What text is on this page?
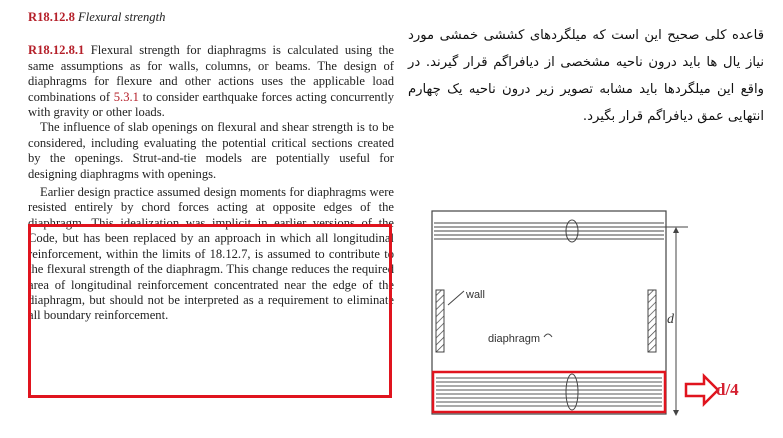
R18.12.8 Flexural strength

R18.12.8.1 Flexural strength for diaphragms is calculated using the same assumptions as for walls, columns, or beams. The design of diaphragms for flexure and other actions uses the applicable load combinations of 5.3.1 to consider earthquake forces acting concurrently with gravity or other loads.

The influence of slab openings on flexural and shear strength is to be considered, including evaluating the potential critical sections created by the openings. Strut-and-tie models are potentially useful for designing diaphragms with openings.

Earlier design practice assumed design moments for diaphragms were resisted entirely by chord forces acting at opposite edges of the diaphragm. This idealization was implicit in earlier versions of the Code, but has been replaced by an approach in which all longitudinal reinforcement, within the limits of 18.12.7, is assumed to contribute to the flexural strength of the diaphragm. This change reduces the required area of longitudinal reinforcement concentrated near the edge of the diaphragm, but should not be interpreted as a requirement to eliminate all boundary reinforcement.

قاعده کلی صحیح این است که میلگردهای کششی خمشی مورد نیاز یال ها باید درون ناحیه مشخصی از دیافراگم قرار گیرند. در واقع این میلگردها باید مشابه تصویر زیر درون ناحیه یک چهارم انتهایی عمق دیافراگم قرار بگیرد.
wall
diaphragm
d
d/4
